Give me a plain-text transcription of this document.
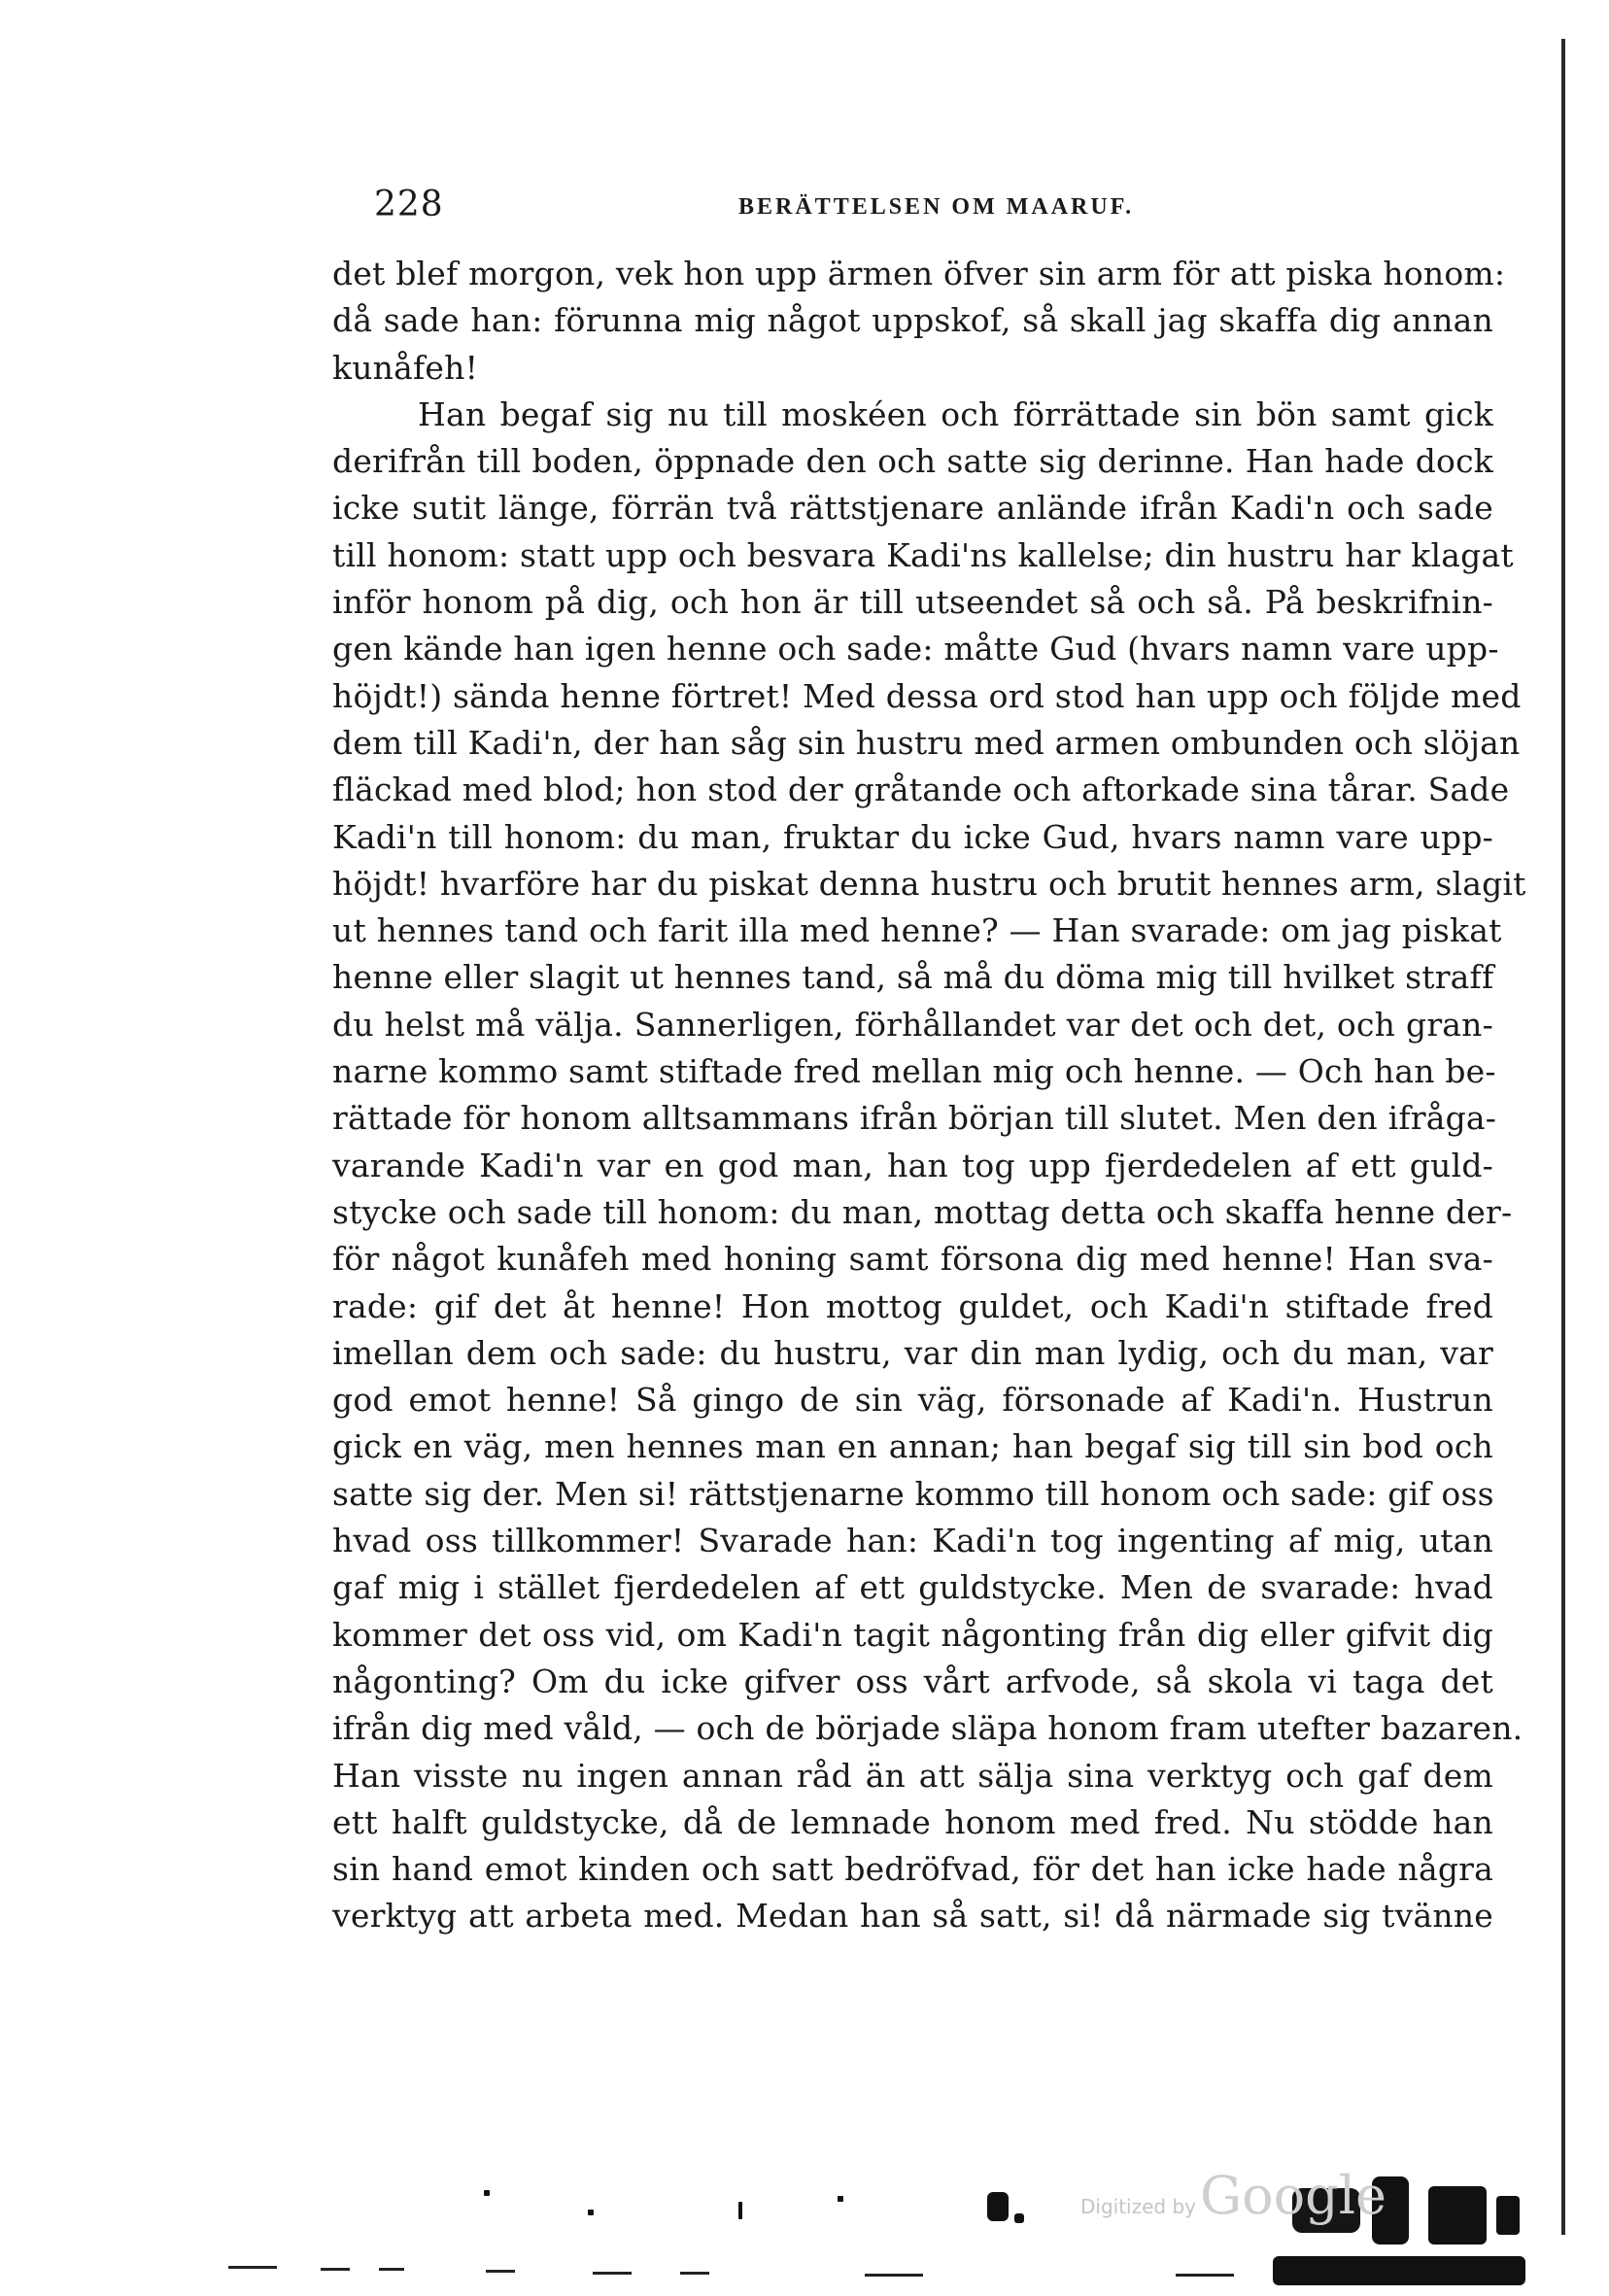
228	BERÄTTELSEN OM MAARUF.
det blef morgon, vek hon upp ärmen öfver sin arm för att piska honom:
då sade han: förunna mig något uppskof, så skall jag skaffa dig annan
kunåfeh!
Han begaf sig nu till moskéen och förrättade sin bön samt gick
derifrån till boden, öppnade den och satte sig derinne. Han hade dock
icke sutit länge, förrän två rättstjenare anlände ifrån Kadi'n och sade
till honom: statt upp och besvara Kadi'ns kallelse; din hustru har klagat
inför honom på dig, och hon är till utseendet så och så. På beskrifnin-
gen kände han igen henne och sade: måtte Gud (hvars namn vare upp-
höjdt!) sända henne förtret! Med dessa ord stod han upp och följde med
dem till Kadi'n, der han såg sin hustru med armen ombunden och slöjan
fläckad med blod; hon stod der gråtande och aftorkade sina tårar. Sade
Kadi'n till honom: du man, fruktar du icke Gud, hvars namn vare upp-
höjdt! hvarföre har du piskat denna hustru och brutit hennes arm, slagit
ut hennes tand och farit illa med henne? — Han svarade: om jag piskat
henne eller slagit ut hennes tand, så må du döma mig till hvilket straff
du helst må välja. Sannerligen, förhållandet var det och det, och gran-
narne kommo samt stiftade fred mellan mig och henne. — Och han be-
rättade för honom alltsammans ifrån början till slutet. Men den ifråga-
varande Kadi'n var en god man, han tog upp fjerdedelen af ett guld-
stycke och sade till honom: du man, mottag detta och skaffa henne der-
för något kunåfeh med honing samt försona dig med henne! Han sva-
rade: gif det åt henne! Hon mottog guldet, och Kadi'n stiftade fred
imellan dem och sade: du hustru, var din man lydig, och du man, var
god emot henne! Så gingo de sin väg, försonade af Kadi'n. Hustrun
gick en väg, men hennes man en annan; han begaf sig till sin bod och
satte sig der. Men si! rättstjenarne kommo till honom och sade: gif oss
hvad oss tillkommer! Svarade han: Kadi'n tog ingenting af mig, utan
gaf mig i stället fjerdedelen af ett guldstycke. Men de svarade: hvad
kommer det oss vid, om Kadi'n tagit någonting från dig eller gifvit dig
någonting? Om du icke gifver oss vårt arfvode, så skola vi taga det
ifrån dig med våld, — och de började släpa honom fram utefter bazaren.
Han visste nu ingen annan råd än att sälja sina verktyg och gaf dem
ett halft guldstycke, då de lemnade honom med fred. Nu stödde han
sin hand emot kinden och satt bedröfvad, för det han icke hade några
verktyg att arbeta med. Medan han så satt, si! då närmade sig tvänne
Digitized byGoogle
